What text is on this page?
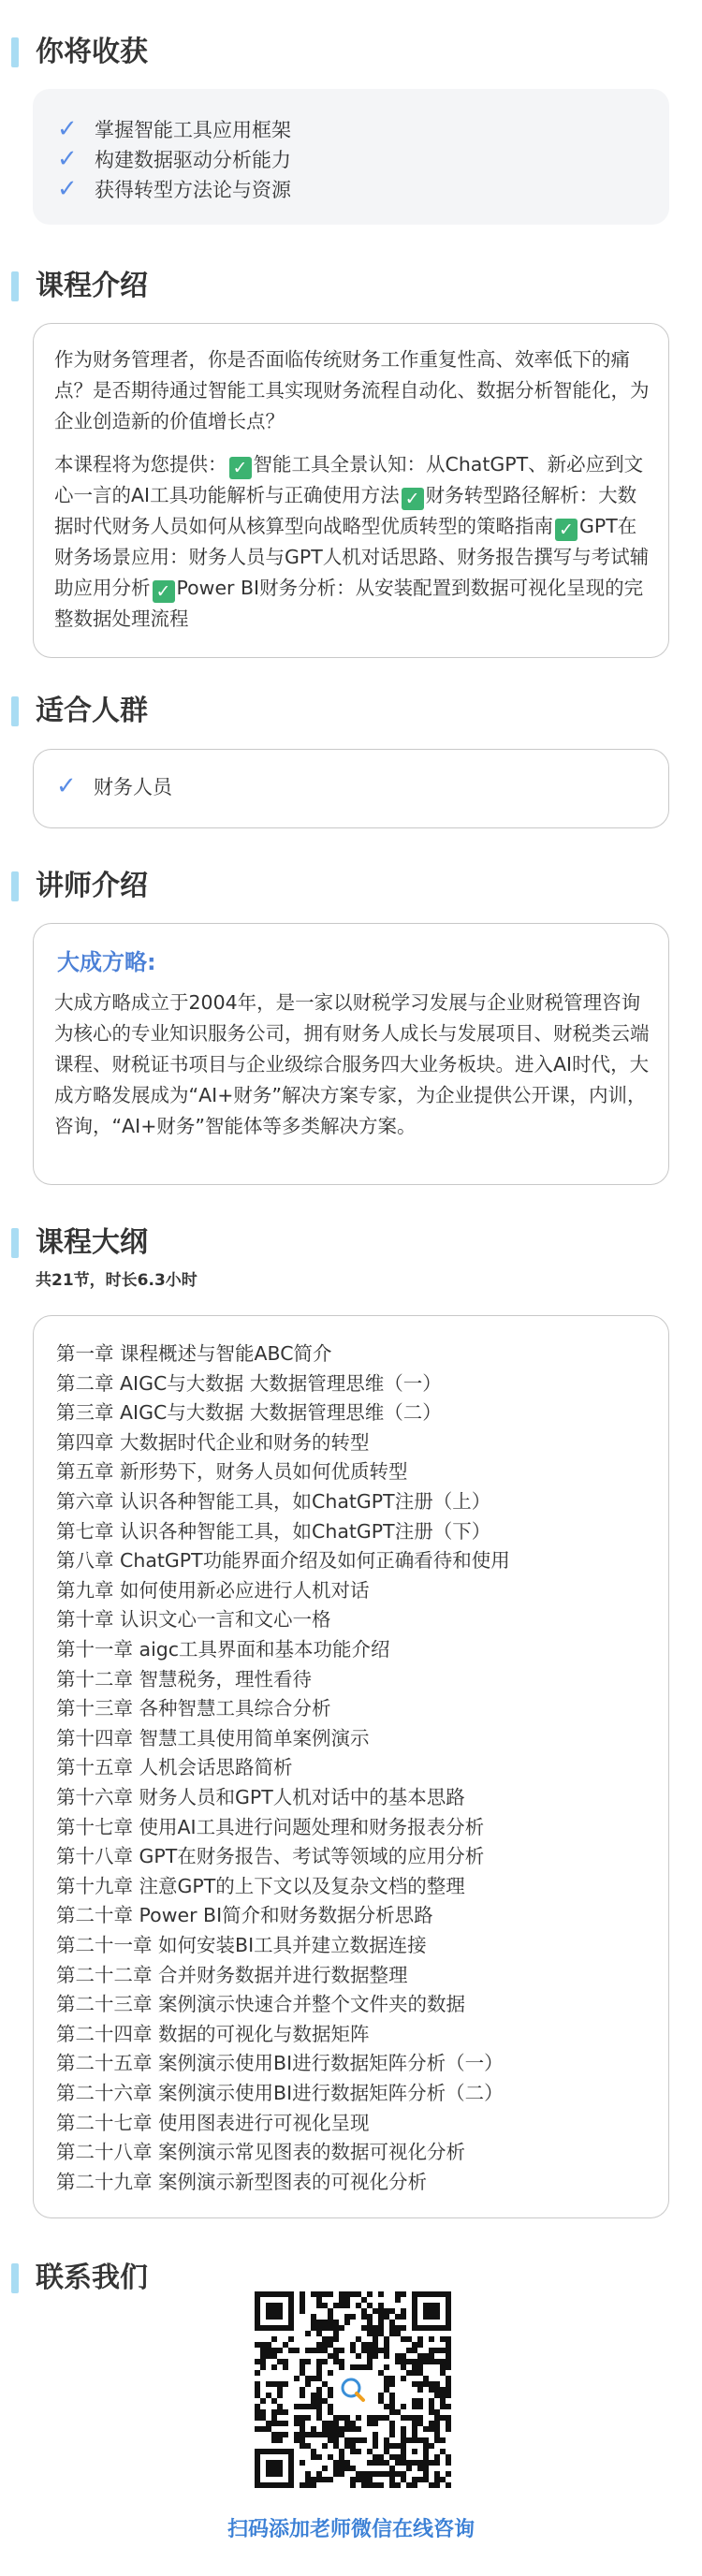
你将收获
✓ 掌握智能工具应用框架
✓ 构建数据驱动分析能力
✓ 获得转型方法论与资源
课程介绍
作为财务管理者，你是否面临传统财务工作重复性高、效率低下的痛点？是否期待通过智能工具实现财务流程自动化、数据分析智能化，为企业创造新的价值增长点？
本课程将为您提供： ✓ 智能工具全景认知：从ChatGPT、新必应到文心一言的AI工具功能解析与正确使用方法 ✓ 财务转型路径解析：大数据时代财务人员如何从核算型向战略型优质转型的策略指南 ✓ GPT在财务场景应用：财务人员与GPT人机对话思路、财务报告撰写与考试辅助应用分析 ✓ Power BI财务分析：从安装配置到数据可视化呈现的完整数据处理流程
适合人群
✓ 财务人员
讲师介绍
大成方略:
大成方略成立于2004年，是一家以财税学习发展与企业财税管理咨询为核心的专业知识服务公司，拥有财务人成长与发展项目、财税类云端课程、财税证书项目与企业级综合服务四大业务板块。进入AI时代，大成方略发展成为“AI+财务”解决方案专家，为企业提供公开课，内训，咨询，“AI+财务”智能体等多类解决方案。
课程大纲
共21节，时长6.3小时
第一章 课程概述与智能ABC简介
第二章 AIGC与大数据 大数据管理思维（一）
第三章 AIGC与大数据 大数据管理思维（二）
第四章 大数据时代企业和财务的转型
第五章 新形势下，财务人员如何优质转型
第六章 认识各种智能工具，如ChatGPT注册（上）
第七章 认识各种智能工具，如ChatGPT注册（下）
第八章 ChatGPT功能界面介绍及如何正确看待和使用
第九章 如何使用新必应进行人机对话
第十章 认识文心一言和文心一格
第十一章 aigc工具界面和基本功能介绍
第十二章 智慧税务，理性看待
第十三章 各种智慧工具综合分析
第十四章 智慧工具使用简单案例演示
第十五章 人机会话思路简析
第十六章 财务人员和GPT人机对话中的基本思路
第十七章 使用AI工具进行问题处理和财务报表分析
第十八章 GPT在财务报告、考试等领域的应用分析
第十九章 注意GPT的上下文以及复杂文档的整理
第二十章 Power BI简介和财务数据分析思路
第二十一章 如何安装BI工具并建立数据连接
第二十二章 合并财务数据并进行数据整理
第二十三章 案例演示快速合并整个文件夹的数据
第二十四章 数据的可视化与数据矩阵
第二十五章 案例演示使用BI进行数据矩阵分析（一）
第二十六章 案例演示使用BI进行数据矩阵分析（二）
第二十七章 使用图表进行可视化呈现
第二十八章 案例演示常见图表的数据可视化分析
第二十九章 案例演示新型图表的可视化分析
联系我们
扫码添加老师微信在线咨询
